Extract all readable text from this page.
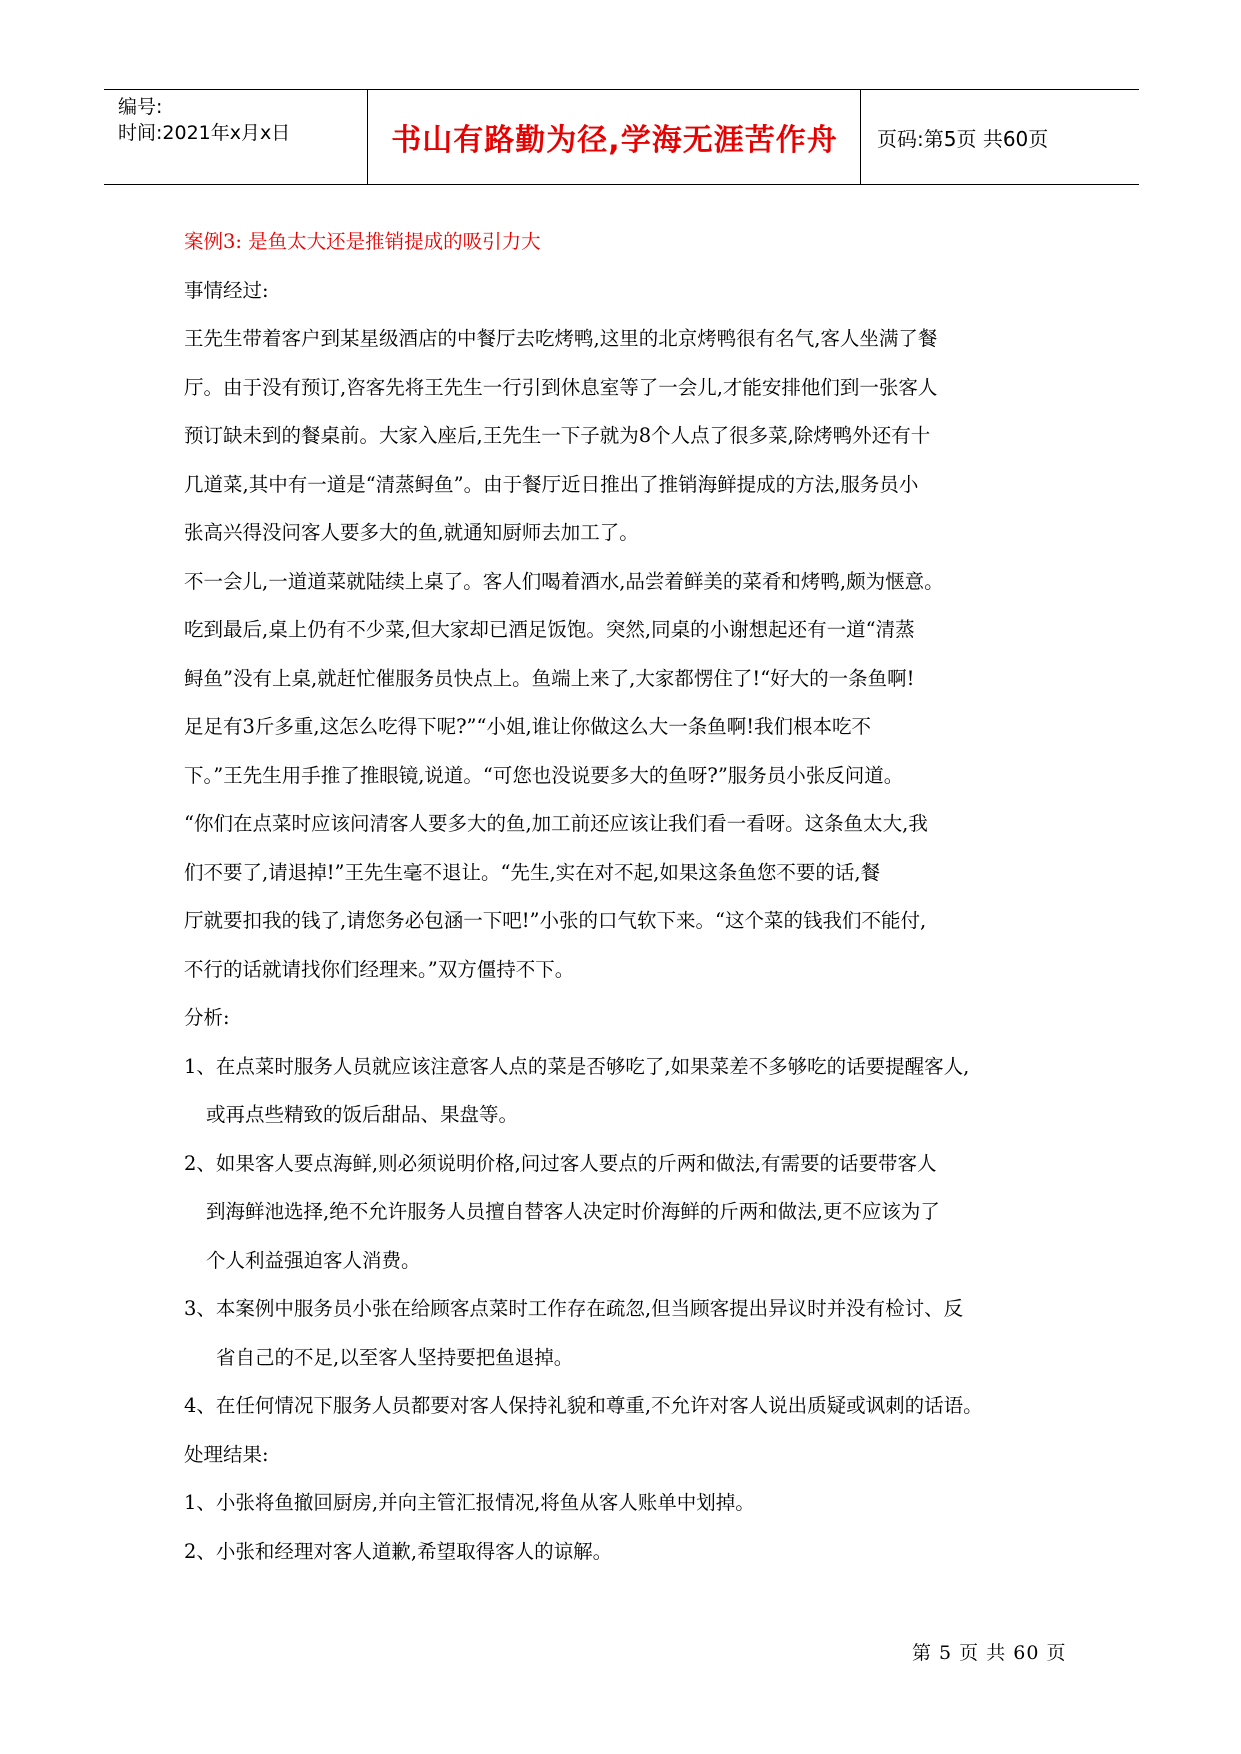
编号:
时间:2021年x月x日	书山有路勤为径,学海无涯苦作舟	页码:第5页 共60页
案例3: 是鱼太大还是推销提成的吸引力大
事情经过:
王先生带着客户到某星级酒店的中餐厅去吃烤鸭,这里的北京烤鸭很有名气,客人坐满了餐
厅。由于没有预订,咨客先将王先生一行引到休息室等了一会儿,才能安排他们到一张客人
预订缺未到的餐桌前。大家入座后,王先生一下子就为8个人点了很多菜,除烤鸭外还有十
几道菜,其中有一道是“清蒸鲟鱼”。由于餐厅近日推出了推销海鲜提成的方法,服务员小
张高兴得没问客人要多大的鱼,就通知厨师去加工了。
不一会儿,一道道菜就陆续上桌了。客人们喝着酒水,品尝着鲜美的菜肴和烤鸭,颇为惬意。
吃到最后,桌上仍有不少菜,但大家却已酒足饭饱。突然,同桌的小谢想起还有一道“清蒸
鲟鱼”没有上桌,就赶忙催服务员快点上。鱼端上来了,大家都愣住了!“好大的一条鱼啊!
足足有3斤多重,这怎么吃得下呢?”“小姐,谁让你做这么大一条鱼啊!我们根本吃不
下。”王先生用手推了推眼镜,说道。“可您也没说要多大的鱼呀?”服务员小张反问道。
“你们在点菜时应该问清客人要多大的鱼,加工前还应该让我们看一看呀。这条鱼太大,我
们不要了,请退掉!”王先生毫不退让。“先生,实在对不起,如果这条鱼您不要的话,餐
厅就要扣我的钱了,请您务必包涵一下吧!”小张的口气软下来。“这个菜的钱我们不能付,
不行的话就请找你们经理来。”双方僵持不下。
分析:
1、在点菜时服务人员就应该注意客人点的菜是否够吃了,如果菜差不多够吃的话要提醒客人,
或再点些精致的饭后甜品、果盘等。
2、如果客人要点海鲜,则必须说明价格,问过客人要点的斤两和做法,有需要的话要带客人
到海鲜池选择,绝不允许服务人员擅自替客人决定时价海鲜的斤两和做法,更不应该为了
个人利益强迫客人消费。
3、本案例中服务员小张在给顾客点菜时工作存在疏忽,但当顾客提出异议时并没有检讨、反
省自己的不足,以至客人坚持要把鱼退掉。
4、在任何情况下服务人员都要对客人保持礼貌和尊重,不允许对客人说出质疑或讽刺的话语。
处理结果:
1、小张将鱼撤回厨房,并向主管汇报情况,将鱼从客人账单中划掉。
2、小张和经理对客人道歉,希望取得客人的谅解。
第 5 页 共 60 页
